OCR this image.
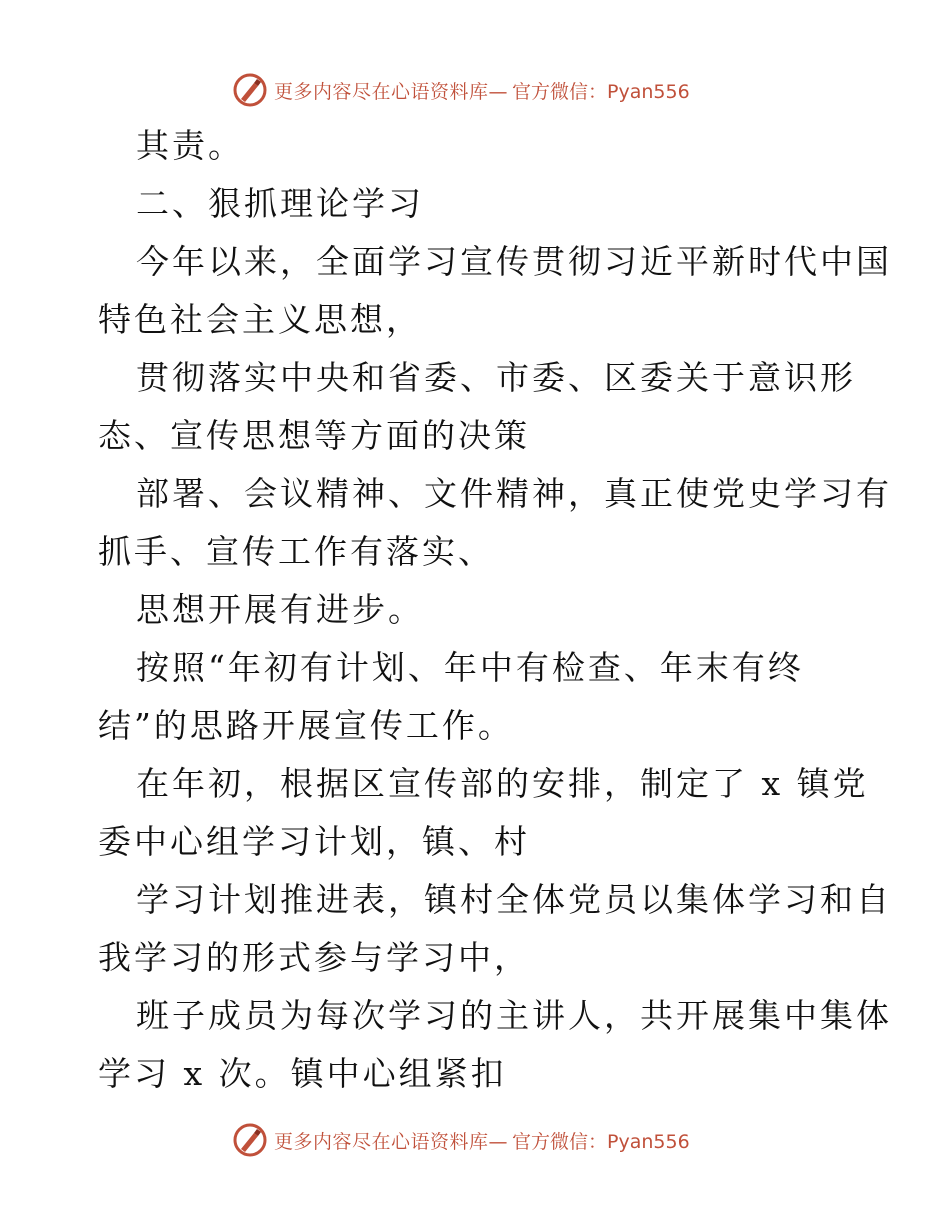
更多内容尽在心语资料库— 官方微信：Pyan556
其责。
二、狠抓理论学习
今年以来，全面学习宣传贯彻习近平新时代中国
特色社会主义思想，
贯彻落实中央和省委、市委、区委关于意识形
态、宣传思想等方面的决策
部署、会议精神、文件精神，真正使党史学习有
抓手、宣传工作有落实、
思想开展有进步。
按照“年初有计划、年中有检查、年末有终
结”的思路开展宣传工作。
在年初，根据区宣传部的安排，制定了 x 镇党
委中心组学习计划，镇、村
学习计划推进表，镇村全体党员以集体学习和自
我学习的形式参与学习中，
班子成员为每次学习的主讲人，共开展集中集体
学习 x 次。镇中心组紧扣
更多内容尽在心语资料库— 官方微信：Pyan556
